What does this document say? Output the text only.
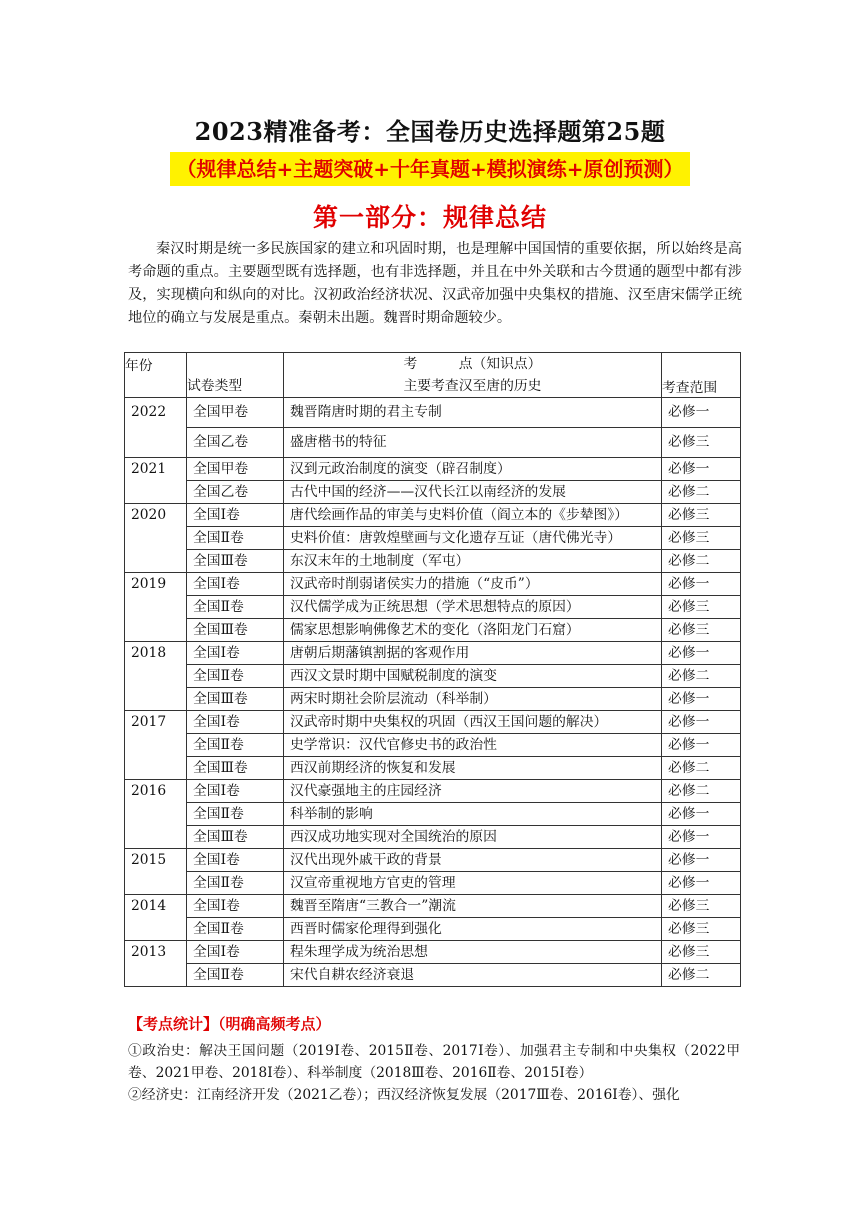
2023精准备考：全国卷历史选择题第25题
（规律总结+主题突破+十年真题+模拟演练+原创预测）
第一部分：规律总结
秦汉时期是统一多民族国家的建立和巩固时期，也是理解中国国情的重要依据，所以始终是高考命题的重点。主要题型既有选择题，也有非选择题，并且在中外关联和古今贯通的题型中都有涉及，实现横向和纵向的对比。汉初政治经济状况、汉武帝加强中央集权的措施、汉至唐宋儒学正统地位的确立与发展是重点。秦朝未出题。魏晋时期命题较少。
年份	试卷类型	考　　　点（知识点）
主要考查汉至唐的历史	考查范围

2022	全国甲卷	魏晋隋唐时期的君主专制	必修一
	全国乙卷	盛唐楷书的特征	必修三
2021	全国甲卷	汉到元政治制度的演变（辟召制度）	必修一
	全国乙卷	古代中国的经济——汉代长江以南经济的发展	必修二
2020	全国Ⅰ卷	唐代绘画作品的审美与史料价值（阎立本的《步辇图》）	必修三
	全国Ⅱ卷	史料价值：唐敦煌壁画与文化遗存互证（唐代佛光寺）	必修三
	全国Ⅲ卷	东汉末年的土地制度（军屯）	必修二
2019	全国Ⅰ卷	汉武帝时削弱诸侯实力的措施（“皮币”）	必修一
	全国Ⅱ卷	汉代儒学成为正统思想（学术思想特点的原因）	必修三
	全国Ⅲ卷	儒家思想影响佛像艺术的变化（洛阳龙门石窟）	必修三
2018	全国Ⅰ卷	唐朝后期藩镇割据的客观作用	必修一
	全国Ⅱ卷	西汉文景时期中国赋税制度的演变	必修二
	全国Ⅲ卷	两宋时期社会阶层流动（科举制）	必修一
2017	全国Ⅰ卷	汉武帝时期中央集权的巩固（西汉王国问题的解决）	必修一
	全国Ⅱ卷	史学常识：汉代官修史书的政治性	必修一
	全国Ⅲ卷	西汉前期经济的恢复和发展	必修二
2016	全国Ⅰ卷	汉代豪强地主的庄园经济	必修二
	全国Ⅱ卷	科举制的影响	必修一
	全国Ⅲ卷	西汉成功地实现对全国统治的原因	必修一
2015	全国Ⅰ卷	汉代出现外戚干政的背景	必修一
	全国Ⅱ卷	汉宣帝重视地方官吏的管理	必修一
2014	全国Ⅰ卷	魏晋至隋唐“三教合一”潮流	必修三
	全国Ⅱ卷	西晋时儒家伦理得到强化	必修三
2013	全国Ⅰ卷	程朱理学成为统治思想	必修三
	全国Ⅱ卷	宋代自耕农经济衰退	必修二
【考点统计】（明确高频考点）

①政治史：解决王国问题（2019Ⅰ卷、2015Ⅱ卷、2017Ⅰ卷）、加强君主专制和中央集权（2022甲卷、2021甲卷、2018Ⅰ卷）、科举制度（2018Ⅲ卷、2016Ⅱ卷、2015Ⅰ卷）

②经济史：江南经济开发（2021乙卷）；西汉经济恢复发展（2017Ⅲ卷、2016Ⅰ卷）、强化
